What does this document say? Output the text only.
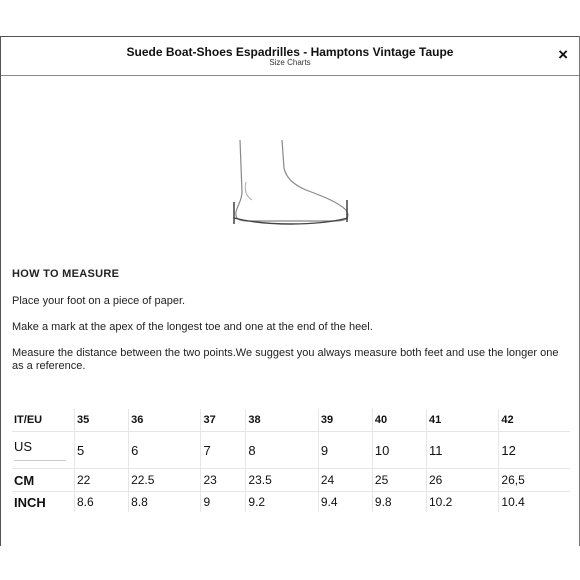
Suede Boat-Shoes Espadrilles - Hamptons Vintage Taupe
Size Charts	×
HOW TO MEASURE

Place your foot on a piece of paper.

Make a mark at the apex of the longest toe and one at the end of the heel.

Measure the distance between the two points.We suggest you always measure both feet and use the longer one as a reference.

IT/EU	35	36	37	38	39	40	41	42
US	5	6	7	8	9	10	11	12
CM	22	22.5	23	23.5	24	25	26	26,5
INCH	8.6	8.8	9	9.2	9.4	9.8	10.2	10.4
